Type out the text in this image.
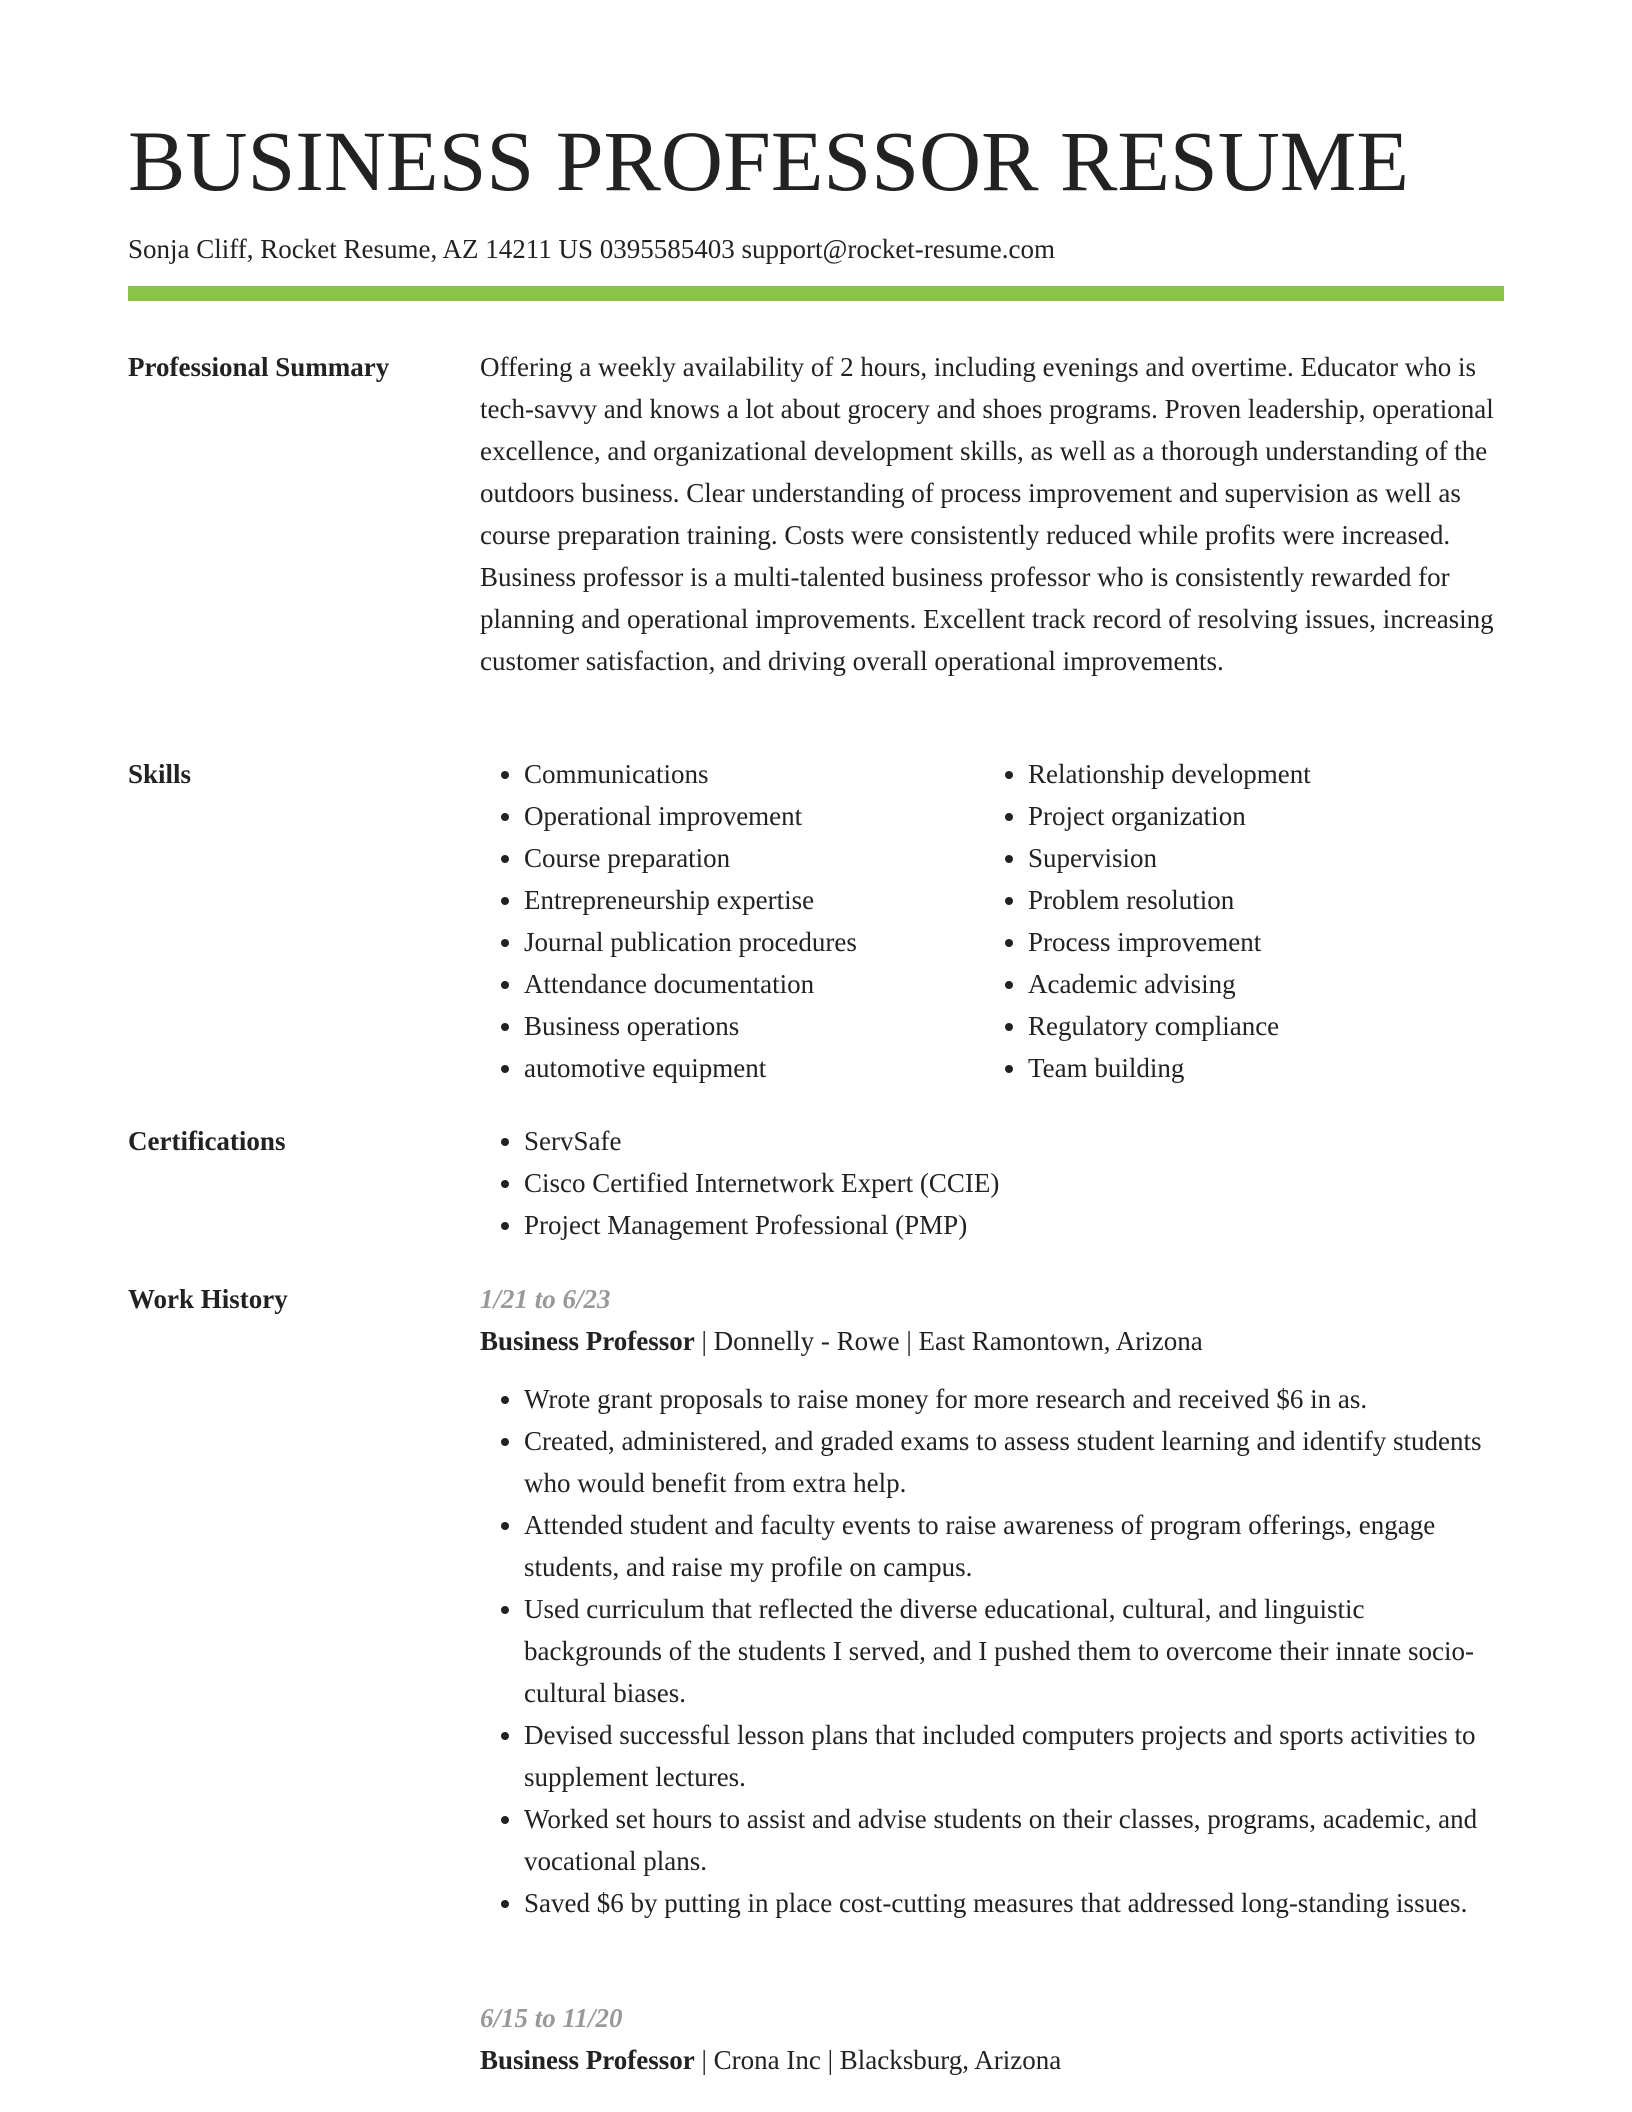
BUSINESS PROFESSOR RESUME
Sonja Cliff, Rocket Resume, AZ 14211 US 0395585403 support@rocket-resume.com
Professional Summary	Offering a weekly availability of 2 hours, including evenings and overtime. Educator who is tech-savvy and knows a lot about grocery and shoes programs. Proven leadership, operational excellence, and organizational development skills, as well as a thorough understanding of the outdoors business. Clear understanding of process improvement and supervision as well as course preparation training. Costs were consistently reduced while profits were increased. Business professor is a multi-talented business professor who is consistently rewarded for planning and operational improvements. Excellent track record of resolving issues, increasing customer satisfaction, and driving overall operational improvements.

Skills	• Communications
• Operational improvement
• Course preparation
• Entrepreneurship expertise
• Journal publication procedures
• Attendance documentation
• Business operations
• automotive equipment
• Relationship development
• Project organization
• Supervision
• Problem resolution
• Process improvement
• Academic advising
• Regulatory compliance
• Team building
Certifications	• ServSafe
• Cisco Certified Internetwork Expert (CCIE)
• Project Management Professional (PMP)
Work History	1/21 to 6/23
Business Professor | Donnelly - Rowe | East Ramontown, Arizona
• Wrote grant proposals to raise money for more research and received $6 in as.
• Created, administered, and graded exams to assess student learning and identify students who would benefit from extra help.
• Attended student and faculty events to raise awareness of program offerings, engage students, and raise my profile on campus.
• Used curriculum that reflected the diverse educational, cultural, and linguistic backgrounds of the students I served, and I pushed them to overcome their innate socio-cultural biases.
• Devised successful lesson plans that included computers projects and sports activities to supplement lectures.
• Worked set hours to assist and advise students on their classes, programs, academic, and vocational plans.
• Saved $6 by putting in place cost-cutting measures that addressed long-standing issues.
6/15 to 11/20
Business Professor | Crona Inc | Blacksburg, Arizona
